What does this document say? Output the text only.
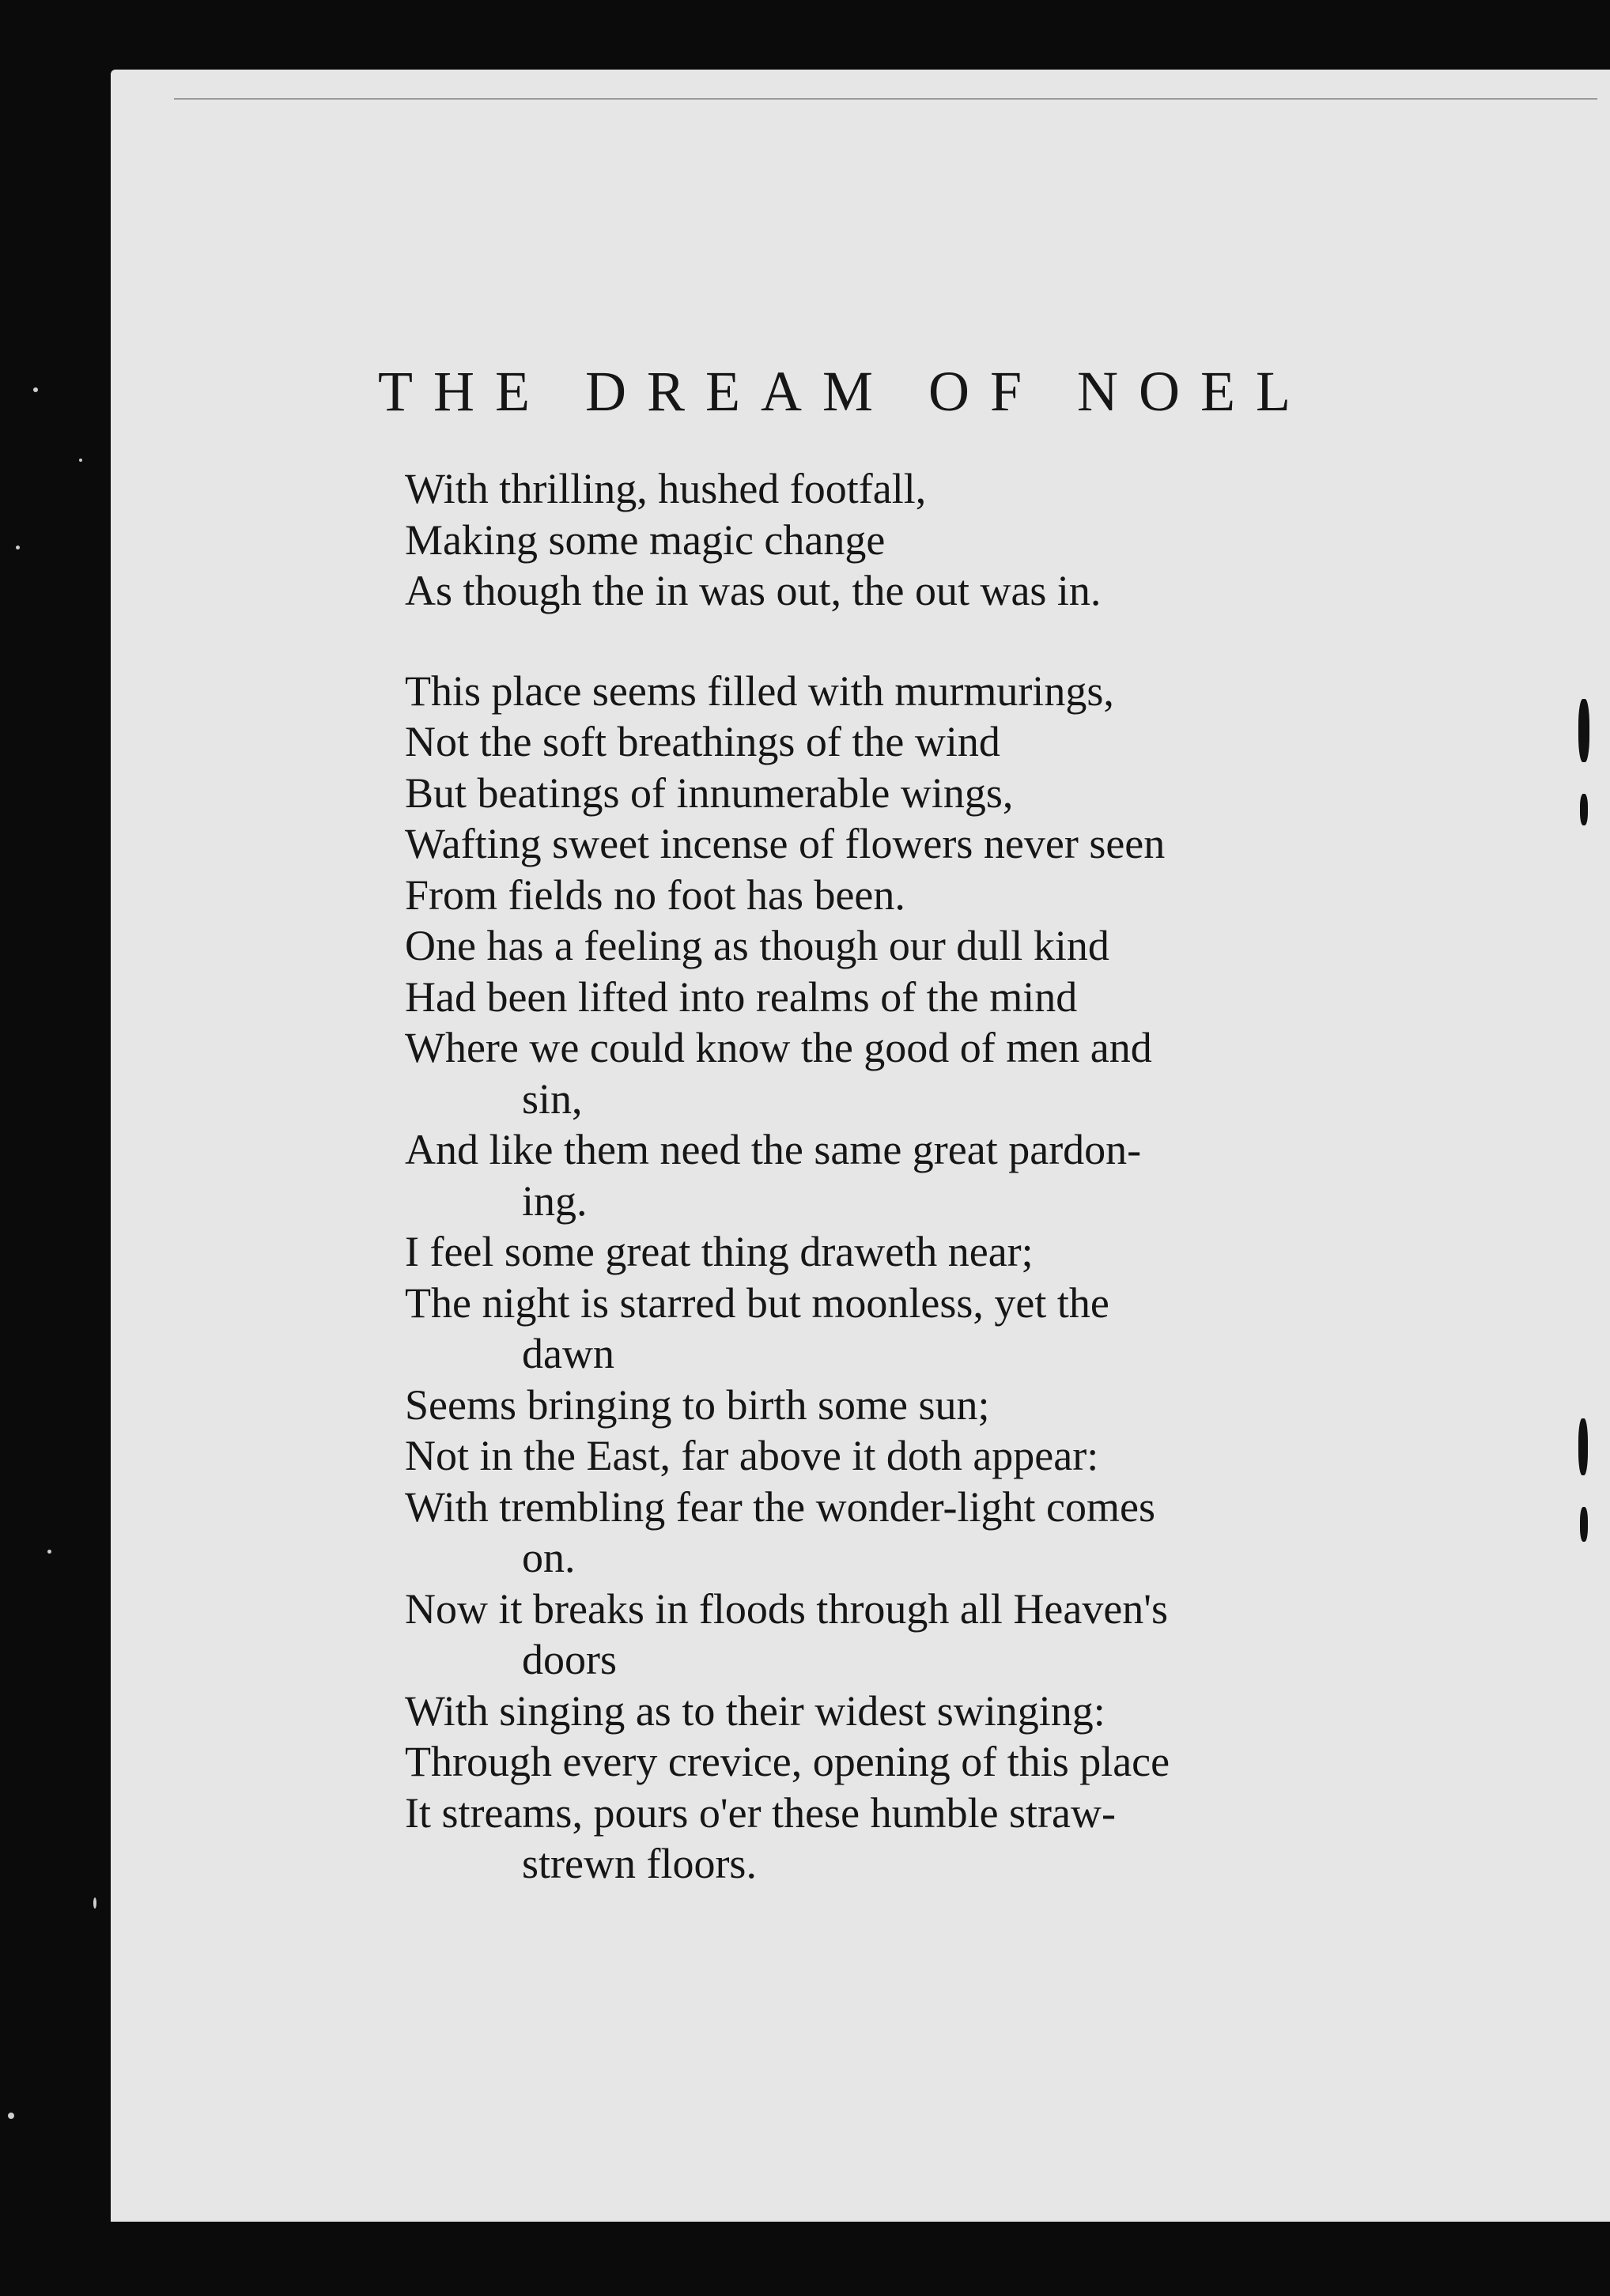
THE DREAM OF NOEL
With thrilling, hushed footfall,
Making some magic change
As though the in was out, the out was in.
This place seems filled with murmurings,
Not the soft breathings of the wind
But beatings of innumerable wings,
Wafting sweet incense of flowers never seen
From fields no foot has been.
One has a feeling as though our dull kind
Had been lifted into realms of the mind
Where we could know the good of men and
sin,
And like them need the same great pardon-
ing.
I feel some great thing draweth near;
The night is starred but moonless, yet the
dawn
Seems bringing to birth some sun;
Not in the East, far above it doth appear:
With trembling fear the wonder-light comes
on.
Now it breaks in floods through all Heaven's
doors
With singing as to their widest swinging:
Through every crevice, opening of this place
It streams, pours o'er these humble straw-
strewn floors.
